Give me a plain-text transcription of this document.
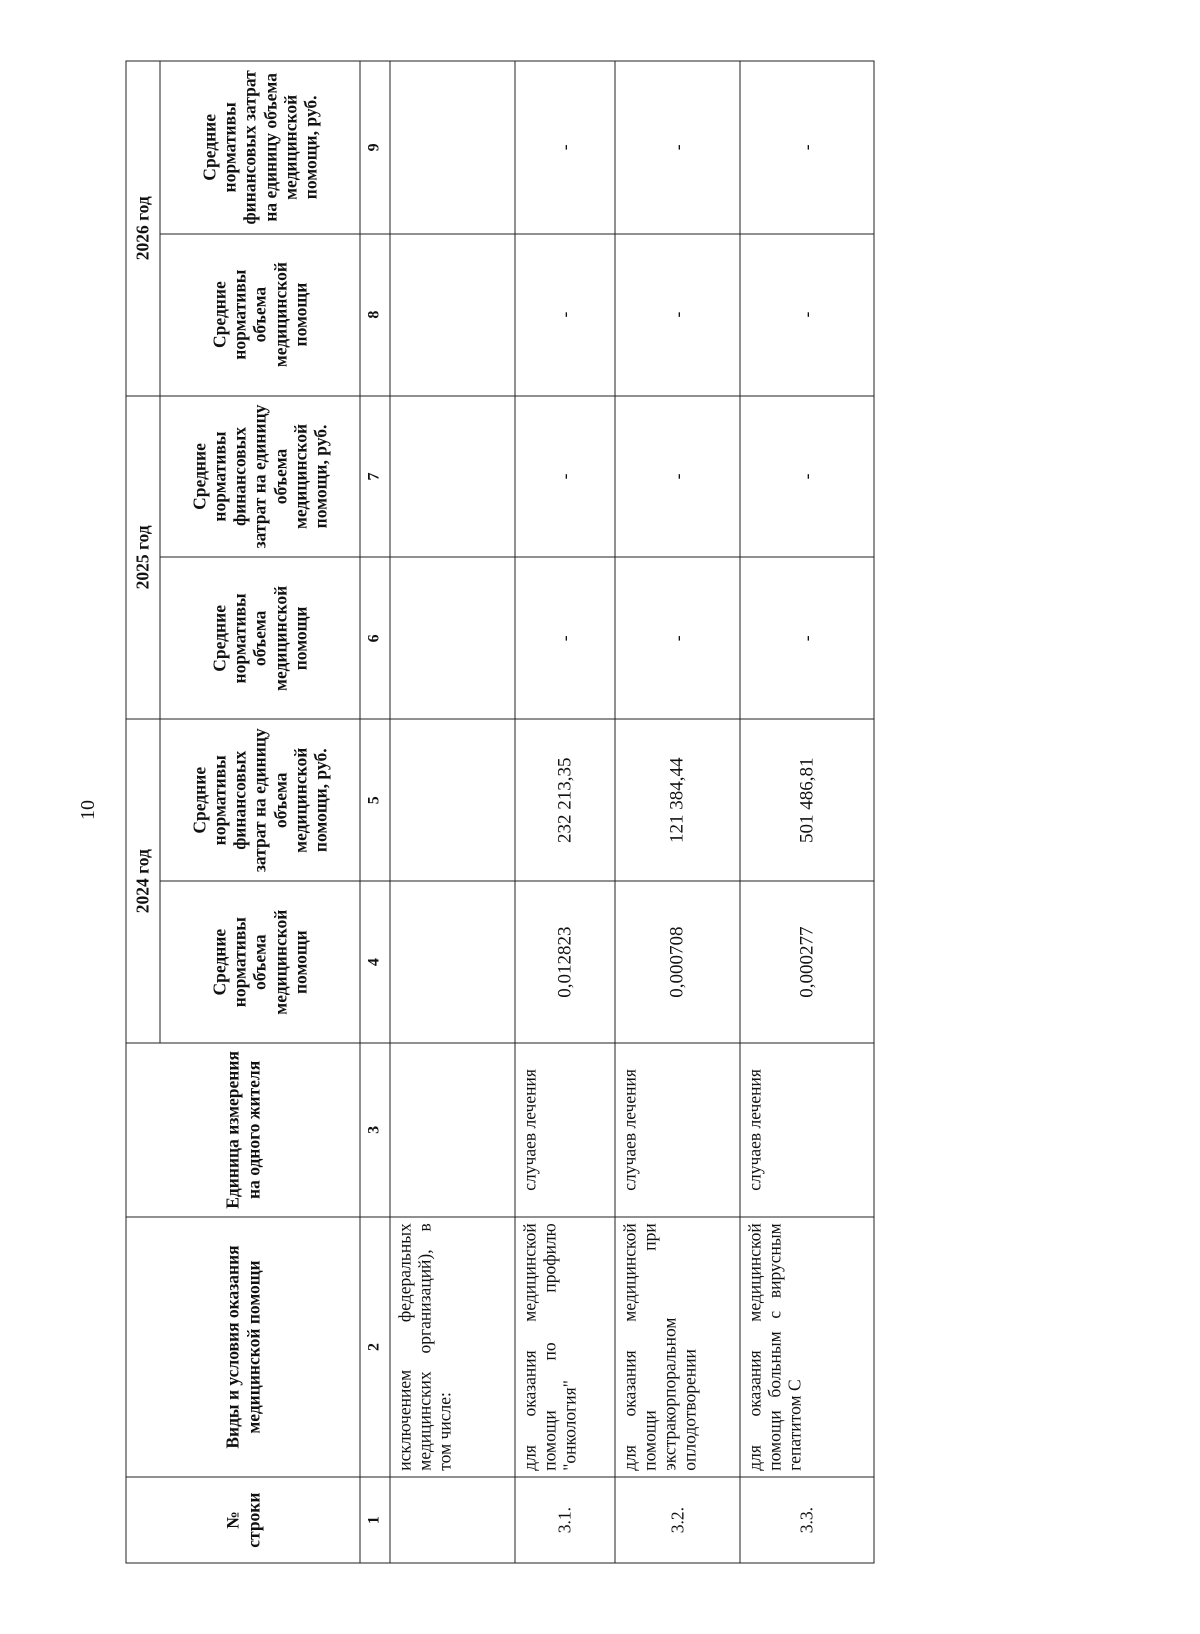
10
№ строки	Виды и условия оказания медицинской помощи	Единица измерения на одного жителя	2024 год		2025 год		2026 год	
			Средние нормативы объема медицинской помощи	Средние нормативы финансовых затрат на единицу объема медицинской помощи, руб.	Средние нормативы объема медицинской помощи	Средние нормативы финансовых затрат на единицу объема медицинской помощи, руб.	Средние нормативы объема медицинской помощи	Средние нормативы финансовых затрат на единицу объема медицинской помощи, руб.
1	2	3	4	5	6	7	8	9
	исключением федеральных медицинских организаций), в том числе:							
3.1.	для оказания медицинской помощи по профилю "онкология"	случаев лечения	0,012823	232 213,35	-	-	-	-
3.2.	для оказания медицинской помощи при экстракорпоральном оплодотворении	случаев лечения	0,000708	121 384,44	-	-	-	-
3.3.	для оказания медицинской помощи больным с вирусным гепатитом С	случаев лечения	0,000277	501 486,81	-	-	-	-
